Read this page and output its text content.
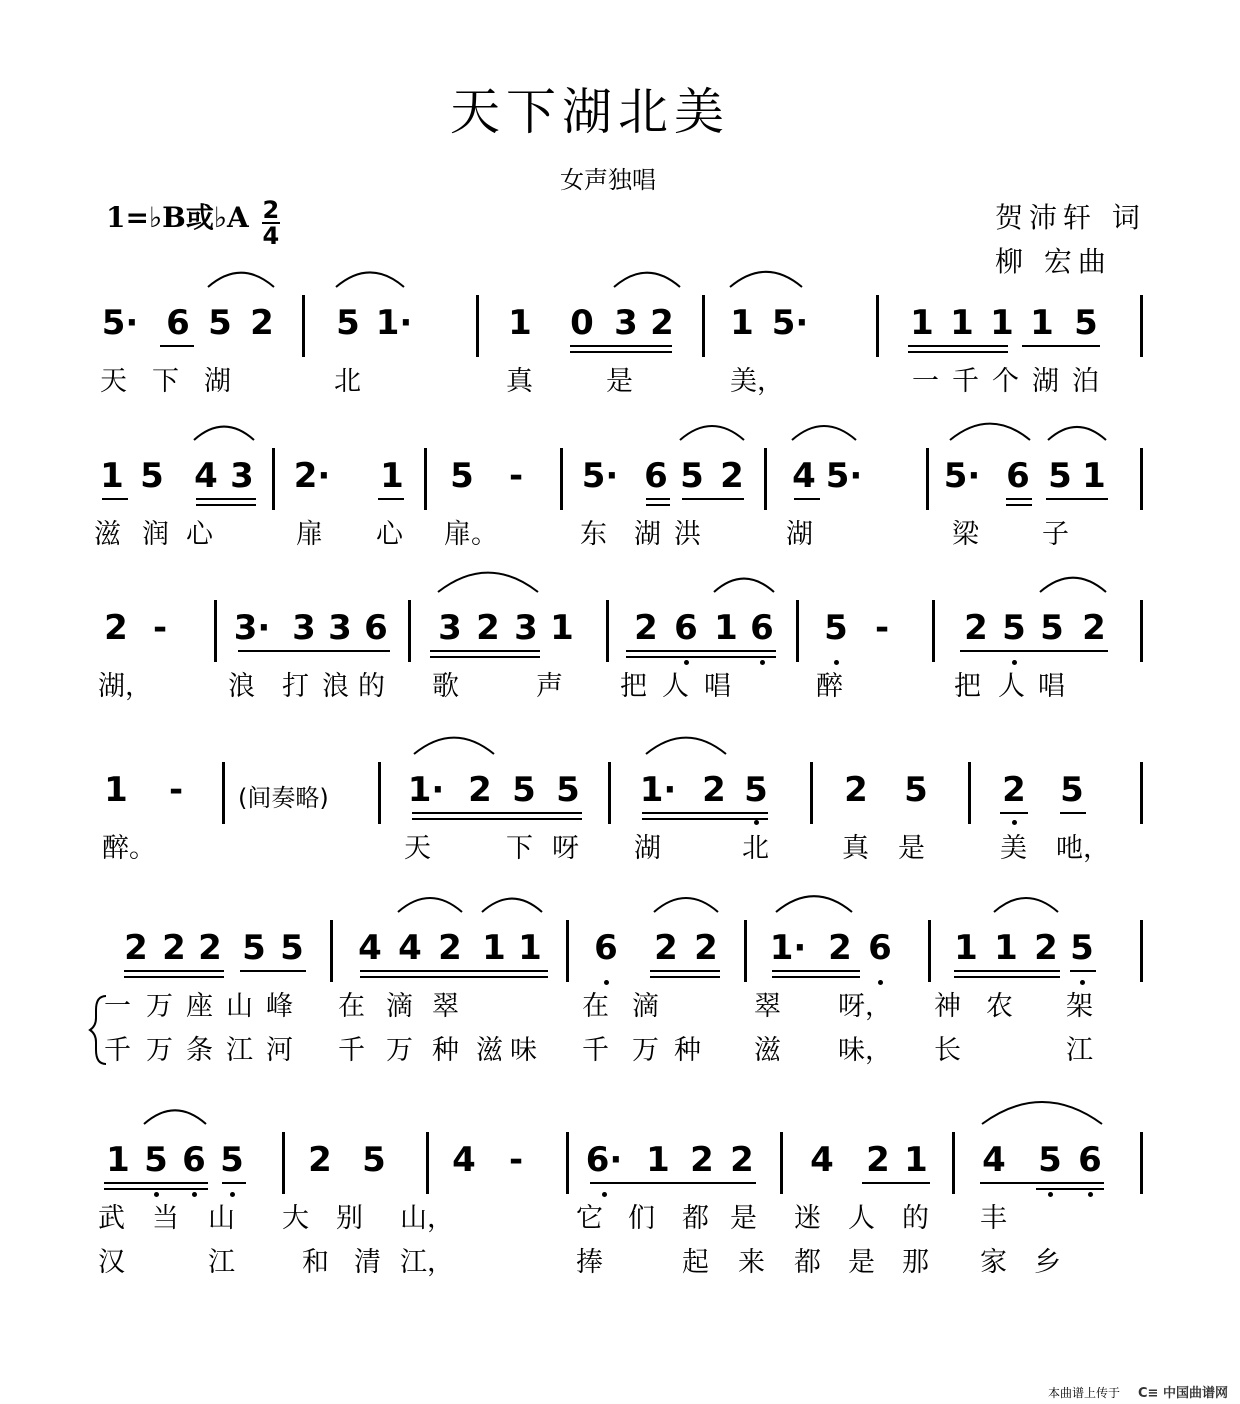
天下湖北美
女声独唱
1=♭B或♭A $\frac{2}{4}$	贺沛轩 词
柳 宏曲
5· 6 5 2 5 1·	1 0 3 2 1 5·	1 1 1 1 5
天 下 湖	北	真	是	美，	一 千 个 湖 泊
1 5 4 3 2· 1 5 - 5· 6 5 2 4 5· 5· 6 5 1
滋 润 心	扉 心 扉。	东 湖 洪	湖	梁 子
2 - 3· 3 3 6 3 2 3 1 2 6 1 6 5 - 2 5 5 2
湖，	浪 打 浪 的 歌	声 把 人 唱	醉	把 人 唱
1 -	1· 2 5 5 1· 2 5 2 5 2 5
(间奏略)
醉。	天	下 呀 湖	北	真 是	美 吔，
2 2 2 5 5 4 4 2 1 1 6 2 2 1· 2 6 1 1 2 5
一 万 座 山 峰 在 滴 翠	在 滴	翠 呀， 神 农 架
千 万 条 江 河 千 万 种 滋 味 千 万 种 滋 味， 长	江
1 5 6 5 2 5 4 - 6· 1 2 2 4 2 1 4 5 6
武 当 山 大 别 山，	它 们 都 是 迷 人 的 丰
汉	江 和 清 江，	捧	起 来 都 是 那 家 乡
本曲谱上传于 C≡ 中国曲谱网
